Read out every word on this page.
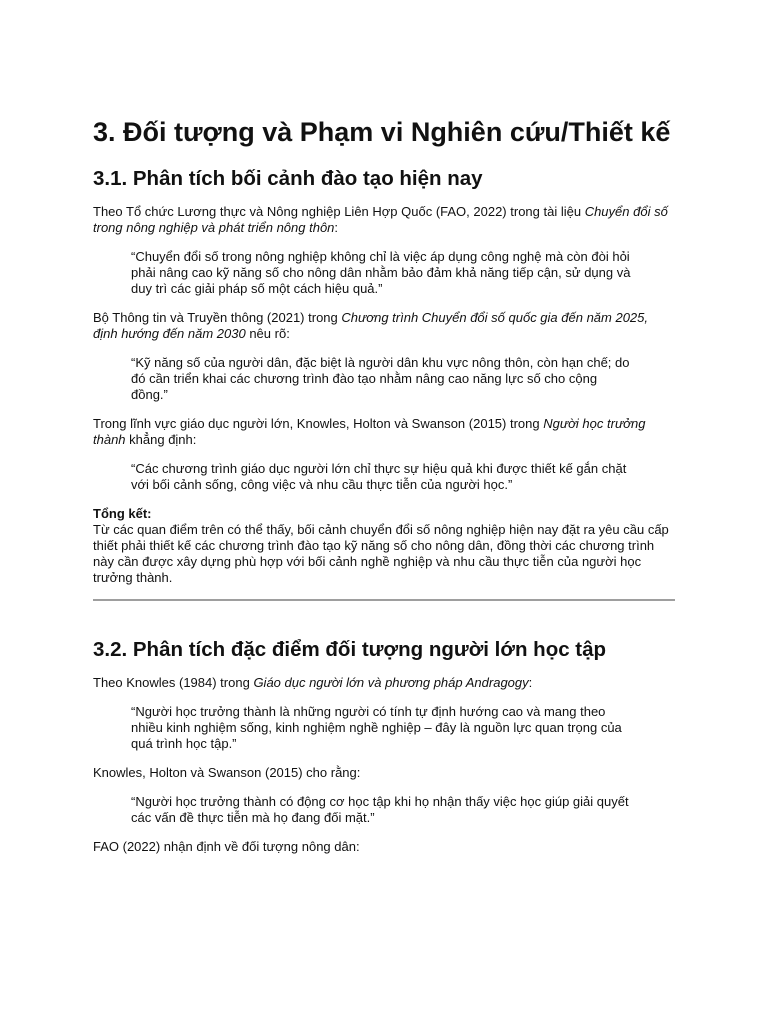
3. Đối tượng và Phạm vi Nghiên cứu/Thiết kế
3.1. Phân tích bối cảnh đào tạo hiện nay

Theo Tổ chức Lương thực và Nông nghiệp Liên Hợp Quốc (FAO, 2022) trong tài liệu Chuyển đổi số trong nông nghiệp và phát triển nông thôn:

“Chuyển đổi số trong nông nghiệp không chỉ là việc áp dụng công nghệ mà còn đòi hỏi phải nâng cao kỹ năng số cho nông dân nhằm bảo đảm khả năng tiếp cận, sử dụng và duy trì các giải pháp số một cách hiệu quả.”

Bộ Thông tin và Truyền thông (2021) trong Chương trình Chuyển đổi số quốc gia đến năm 2025, định hướng đến năm 2030 nêu rõ:

“Kỹ năng số của người dân, đặc biệt là người dân khu vực nông thôn, còn hạn chế; do đó cần triển khai các chương trình đào tạo nhằm nâng cao năng lực số cho cộng đồng.”

Trong lĩnh vực giáo dục người lớn, Knowles, Holton và Swanson (2015) trong Người học trưởng thành khẳng định:

“Các chương trình giáo dục người lớn chỉ thực sự hiệu quả khi được thiết kế gắn chặt với bối cảnh sống, công việc và nhu cầu thực tiễn của người học.”

Tổng kết:
Từ các quan điểm trên có thể thấy, bối cảnh chuyển đổi số nông nghiệp hiện nay đặt ra yêu cầu cấp thiết phải thiết kế các chương trình đào tạo kỹ năng số cho nông dân, đồng thời các chương trình này cần được xây dựng phù hợp với bối cảnh nghề nghiệp và nhu cầu thực tiễn của người học trưởng thành.

3.2. Phân tích đặc điểm đối tượng người lớn học tập

Theo Knowles (1984) trong Giáo dục người lớn và phương pháp Andragogy:

“Người học trưởng thành là những người có tính tự định hướng cao và mang theo nhiều kinh nghiệm sống, kinh nghiệm nghề nghiệp – đây là nguồn lực quan trọng của quá trình học tập.”

Knowles, Holton và Swanson (2015) cho rằng:

“Người học trưởng thành có động cơ học tập khi họ nhận thấy việc học giúp giải quyết các vấn đề thực tiễn mà họ đang đối mặt.”

FAO (2022) nhận định về đối tượng nông dân:
